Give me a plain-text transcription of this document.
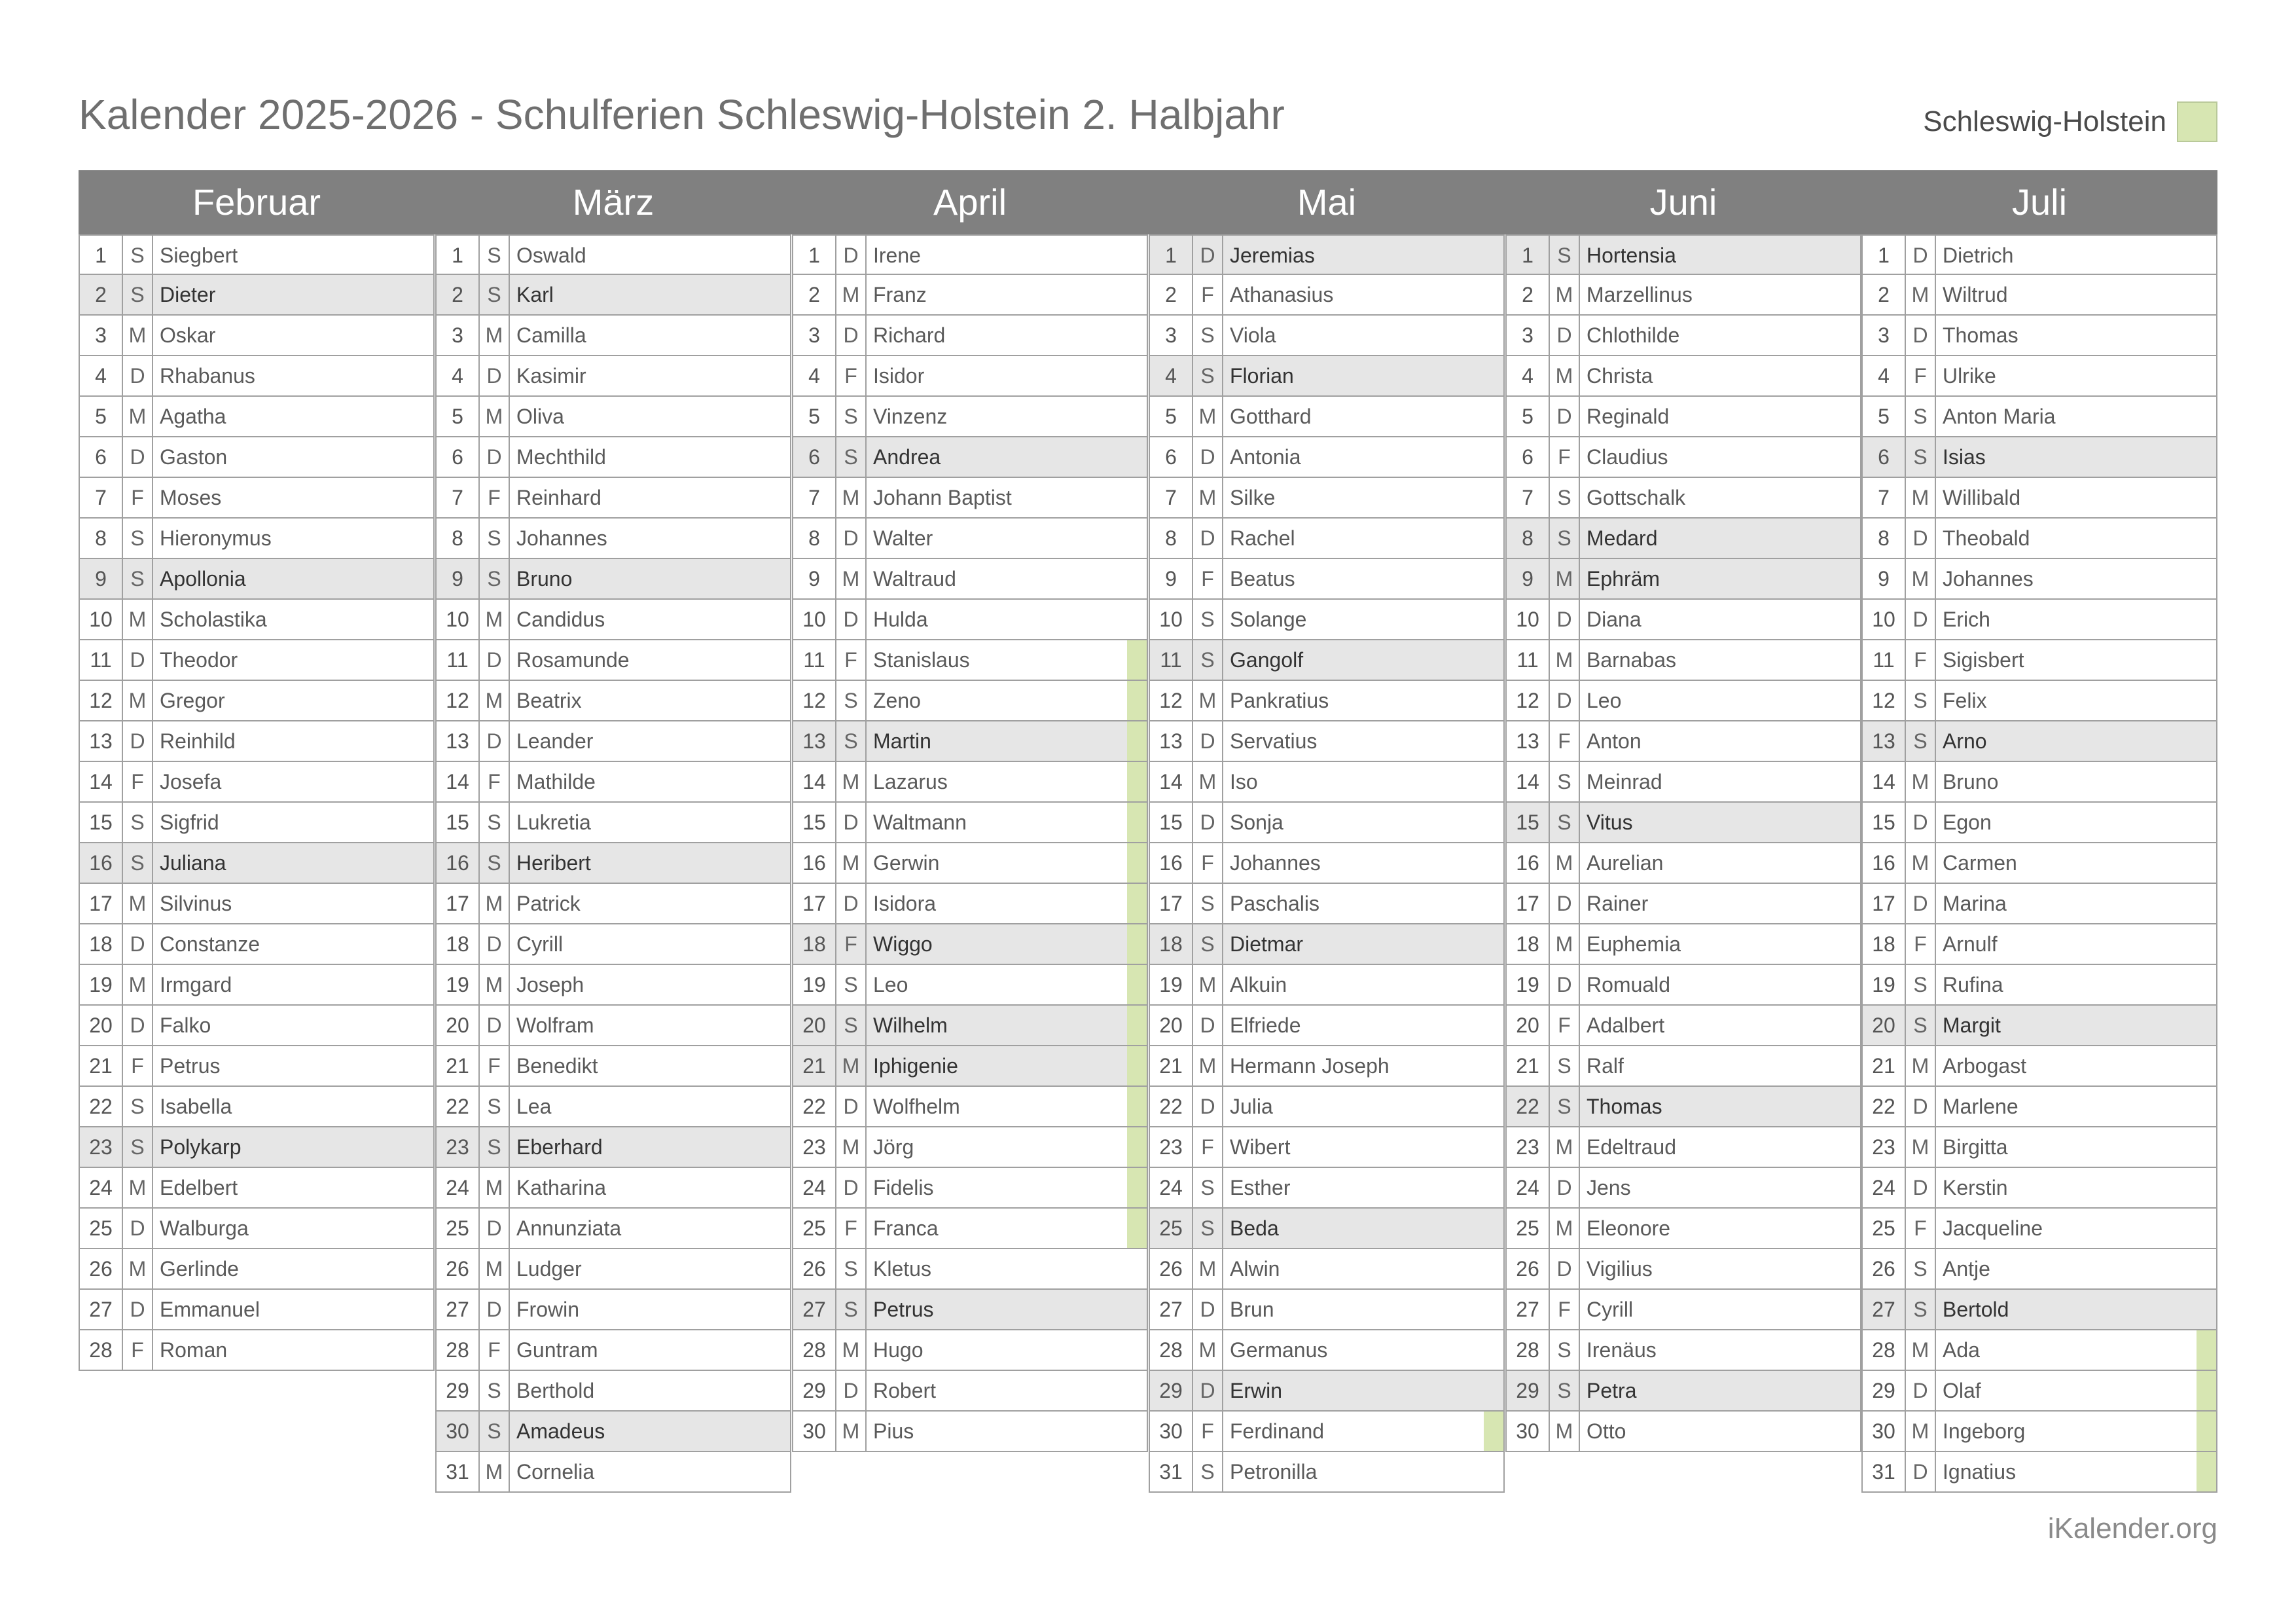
Kalender 2025-2026 - Schulferien Schleswig-Holstein 2. Halbjahr	Schleswig-Holstein
Februar
1	S Siegbert
2	S Dieter
3	M Oskar
4	D Rhabanus
5	M Agatha
6	D Gaston
7	F Moses
8	S Hieronymus
9	S Apollonia
10 M Scholastika
11 D Theodor
12 M Gregor
13 D Reinhild
14 F Josefa
15 S Sigfrid
16 S Juliana
17 M Silvinus
18 D Constanze
19 M Irmgard
20 D Falko
21 F Petrus
22 S Isabella
23 S Polykarp
24 M Edelbert
25 D Walburga
26 M Gerlinde
27 D Emmanuel
28 F Roman
März
1	S Oswald
2	S Karl
3	M Camilla
4	D Kasimir
5	M Oliva
6	D Mechthild
7	F Reinhard
8	S Johannes
9	S Bruno
10 M Candidus
11 D Rosamunde
12 M Beatrix
13 D Leander
14 F Mathilde
15 S Lukretia
16 S Heribert
17 M Patrick
18 D Cyrill
19 M Joseph
20 D Wolfram
21 F Benedikt
22 S Lea
23 S Eberhard
24 M Katharina
25 D Annunziata
26 M Ludger
27 D Frowin
28 F Guntram
29 S Berthold
30 S Amadeus
31 M Cornelia
April
1	D Irene
2	M Franz
3	D Richard
4	F Isidor
5	S Vinzenz
6	S Andrea
7	M Johann Baptist
8	D Walter
9	M Waltraud
10 D Hulda
11 F Stanislaus
12 S Zeno
13 S Martin
14 M Lazarus
15 D Waltmann
16 M Gerwin
17 D Isidora
18 F Wiggo
19 S Leo
20 S Wilhelm
21 M Iphigenie
22 D Wolfhelm
23 M Jörg
24 D Fidelis
25 F Franca
26 S Kletus
27 S Petrus
28 M Hugo
29 D Robert
30 M Pius
Mai
1	D Jeremias
2	F Athanasius
3	S Viola
4	S Florian
5	M Gotthard
6	D Antonia
7	M Silke
8	D Rachel
9	F Beatus
10 S Solange
11 S Gangolf
12 M Pankratius
13 D Servatius
14 M Iso
15 D Sonja
16 F Johannes
17 S Paschalis
18 S Dietmar
19 M Alkuin
20 D Elfriede
21 M Hermann Joseph
22 D Julia
23 F Wibert
24 S Esther
25 S Beda
26 M Alwin
27 D Brun
28 M Germanus
29 D Erwin
30 F Ferdinand
31 S Petronilla
Juni
1	S Hortensia
2	M Marzellinus
3	D Chlothilde
4	M Christa
5	D Reginald
6	F Claudius
7	S Gottschalk
8	S Medard
9	M Ephräm
10 D Diana
11 M Barnabas
12 D Leo
13 F Anton
14 S Meinrad
15 S Vitus
16 M Aurelian
17 D Rainer
18 M Euphemia
19 D Romuald
20 F Adalbert
21 S Ralf
22 S Thomas
23 M Edeltraud
24 D Jens
25 M Eleonore
26 D Vigilius
27 F Cyrill
28 S Irenäus
29 S Petra
30 M Otto
Juli
1	D Dietrich
2	M Wiltrud
3	D Thomas
4	F Ulrike
5	S Anton Maria
6	S Isias
7	M Willibald
8	D Theobald
9	M Johannes
10 D Erich
11 F Sigisbert
12 S Felix
13 S Arno
14 M Bruno
15 D Egon
16 M Carmen
17 D Marina
18 F Arnulf
19 S Rufina
20 S Margit
21 M Arbogast
22 D Marlene
23 M Birgitta
24 D Kerstin
25 F Jacqueline
26 S Antje
27 S Bertold
28 M Ada
29 D Olaf
30 M Ingeborg
31 D Ignatius
iKalender.org
